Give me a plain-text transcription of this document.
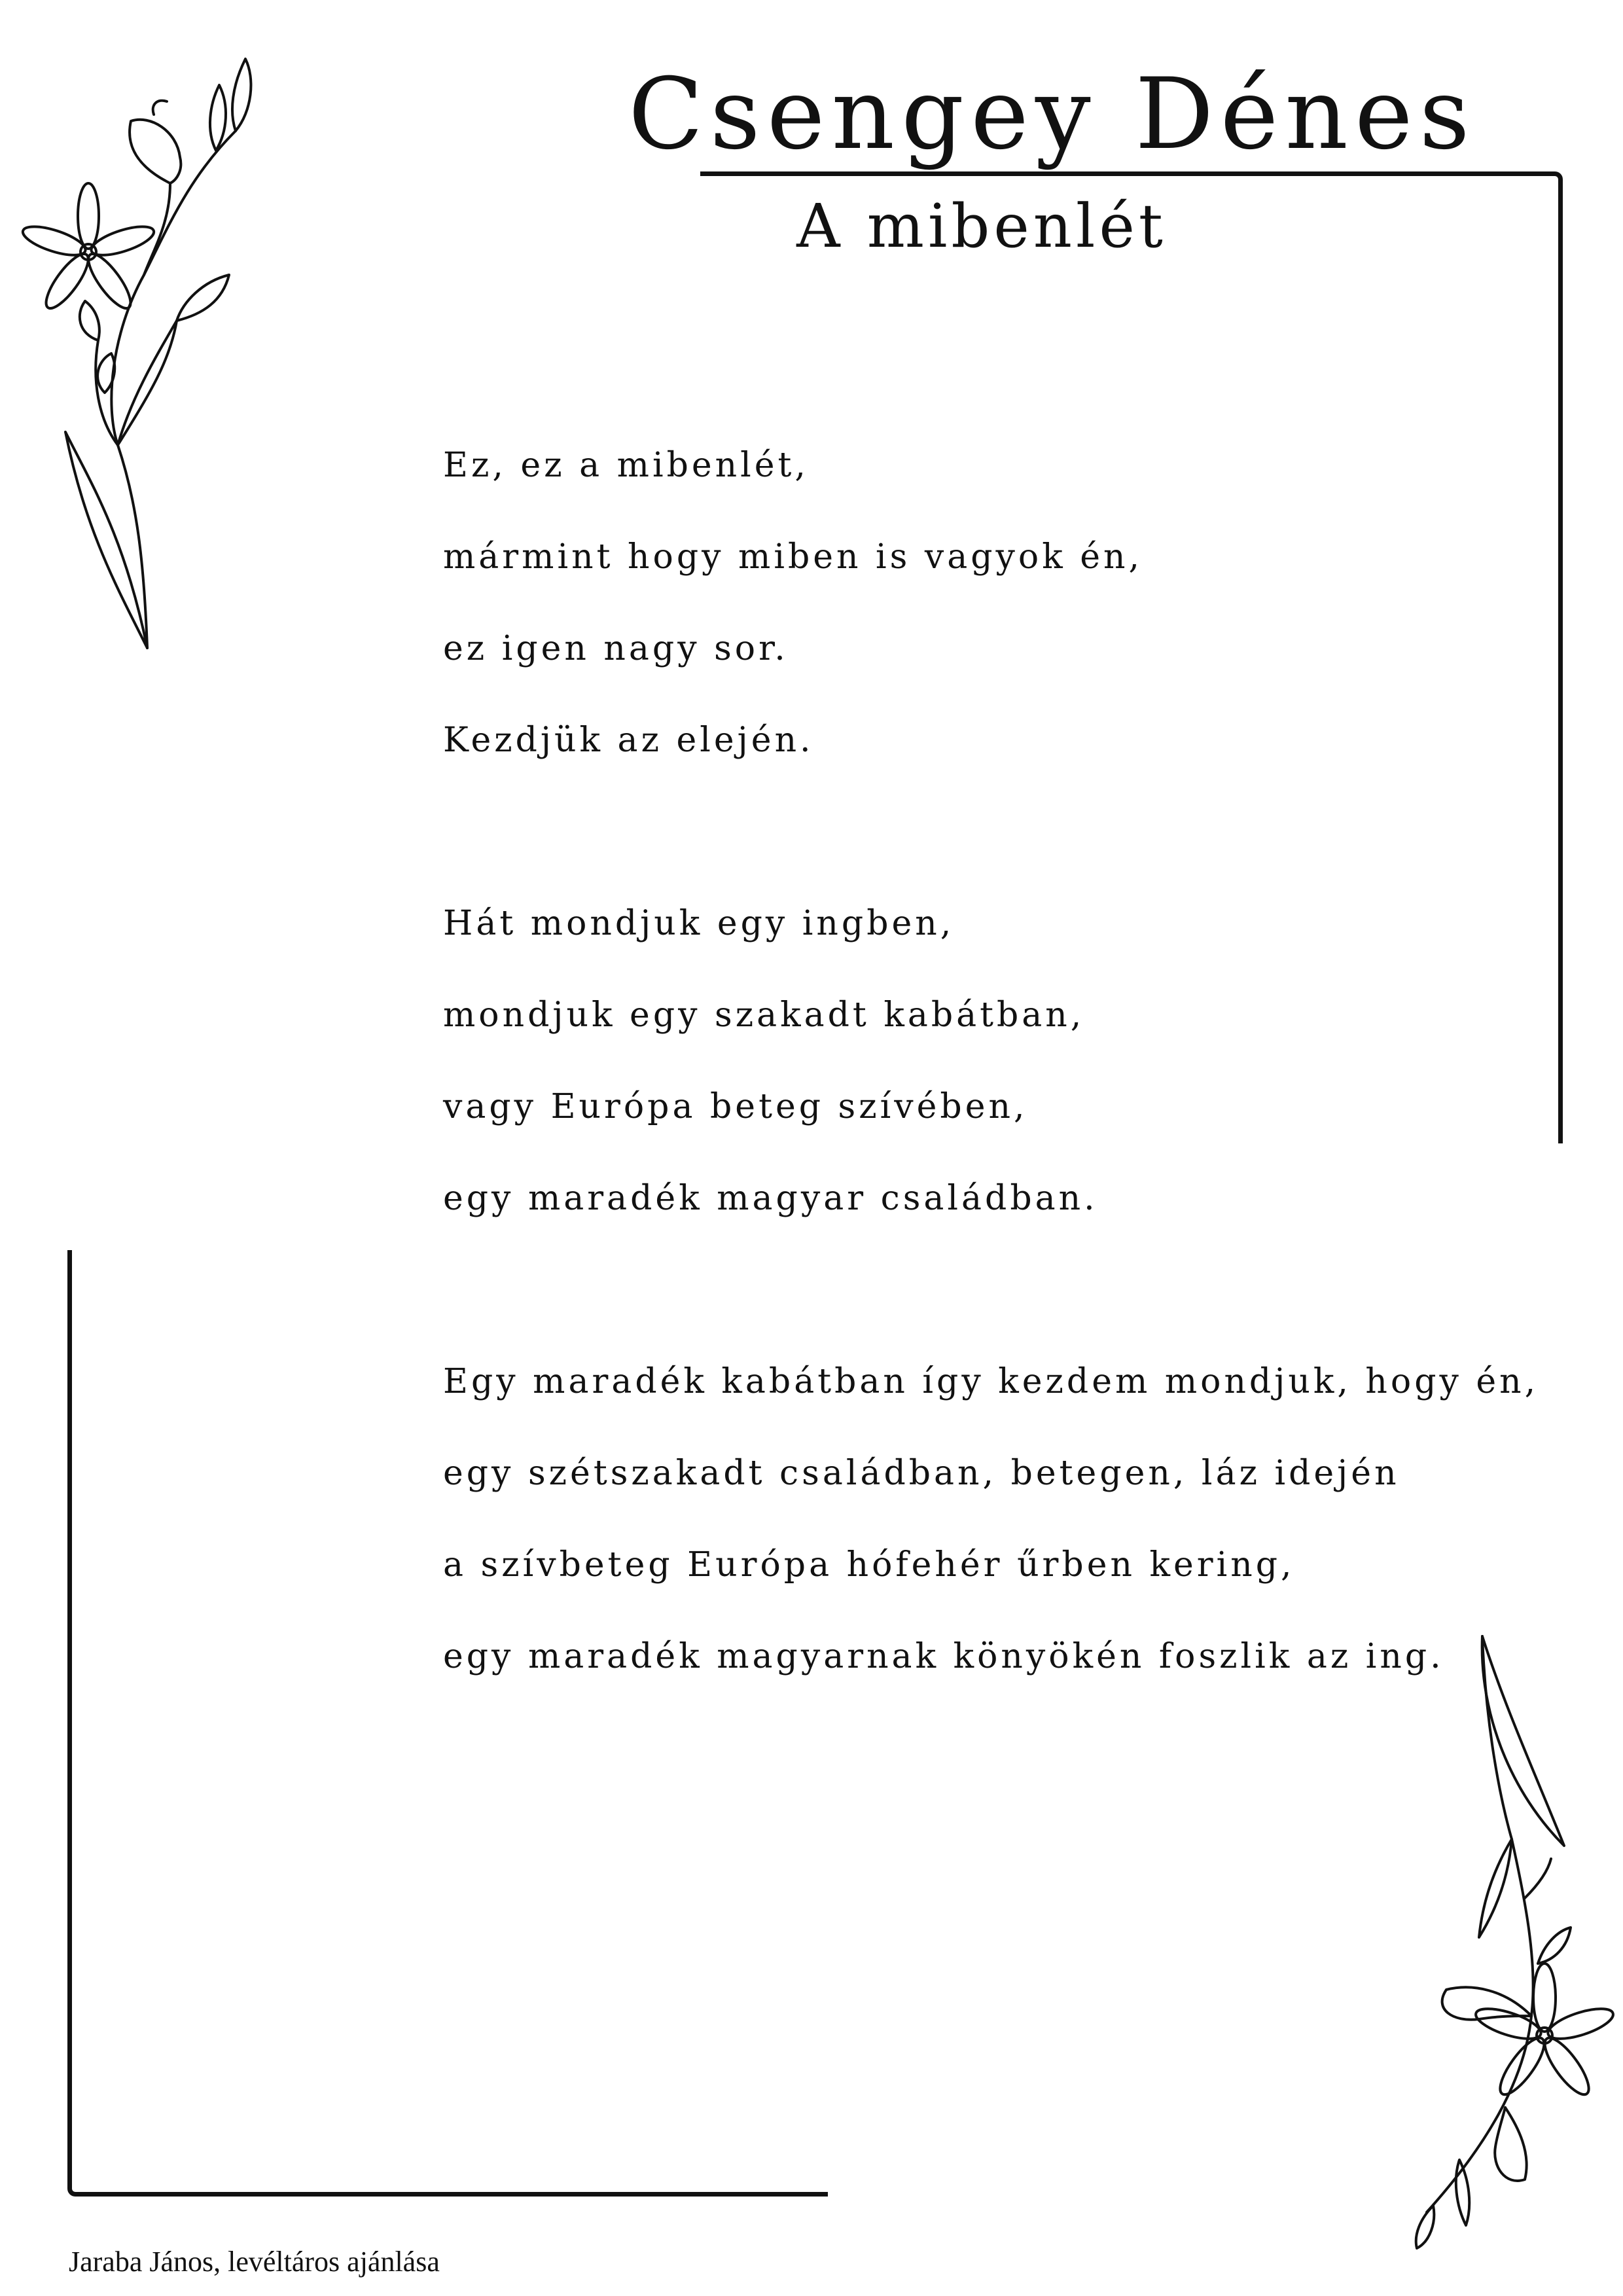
Csengey Dénes
A mibenlét
Ez, ez a mibenlét,
mármint hogy miben is vagyok én,
ez igen nagy sor.
Kezdjük az elején.
Hát mondjuk egy ingben,
mondjuk egy szakadt kabátban,
vagy Európa beteg szívében,
egy maradék magyar családban.
Egy maradék kabátban így kezdem mondjuk, hogy én,
egy szétszakadt családban, betegen, láz idején
a szívbeteg Európa hófehér űrben kering,
egy maradék magyarnak könyökén foszlik az ing.
Jaraba János, levéltáros ajánlása
